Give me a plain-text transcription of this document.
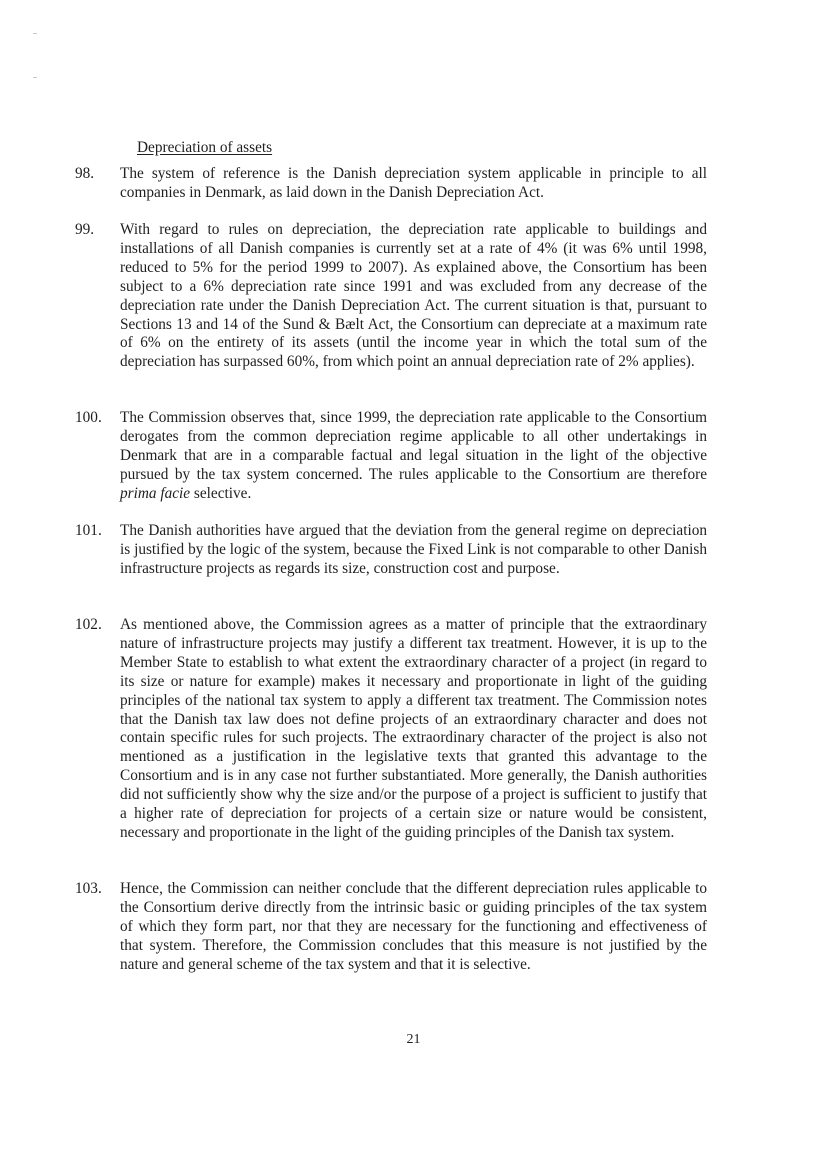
Depreciation of assets
98. The system of reference is the Danish depreciation system applicable in principle to all companies in Denmark, as laid down in the Danish Depreciation Act.

99. With regard to rules on depreciation, the depreciation rate applicable to buildings and installations of all Danish companies is currently set at a rate of 4% (it was 6% until 1998, reduced to 5% for the period 1999 to 2007). As explained above, the Consortium has been subject to a 6% depreciation rate since 1991 and was excluded from any decrease of the depreciation rate under the Danish Depreciation Act. The current situation is that, pursuant to Sections 13 and 14 of the Sund & Bælt Act, the Consortium can depreciate at a maximum rate of 6% on the entirety of its assets (until the income year in which the total sum of the depreciation has surpassed 60%, from which point an annual depreciation rate of 2% applies).

100. The Commission observes that, since 1999, the depreciation rate applicable to the Consortium derogates from the common depreciation regime applicable to all other undertakings in Denmark that are in a comparable factual and legal situation in the light of the objective pursued by the tax system concerned. The rules applicable to the Consortium are therefore prima facie selective.

101. The Danish authorities have argued that the deviation from the general regime on depreciation is justified by the logic of the system, because the Fixed Link is not comparable to other Danish infrastructure projects as regards its size, construction cost and purpose.

102. As mentioned above, the Commission agrees as a matter of principle that the extraordinary nature of infrastructure projects may justify a different tax treatment. However, it is up to the Member State to establish to what extent the extraordinary character of a project (in regard to its size or nature for example) makes it necessary and proportionate in light of the guiding principles of the national tax system to apply a different tax treatment. The Commission notes that the Danish tax law does not define projects of an extraordinary character and does not contain specific rules for such projects. The extraordinary character of the project is also not mentioned as a justification in the legislative texts that granted this advantage to the Consortium and is in any case not further substantiated. More generally, the Danish authorities did not sufficiently show why the size and/or the purpose of a project is sufficient to justify that a higher rate of depreciation for projects of a certain size or nature would be consistent, necessary and proportionate in the light of the guiding principles of the Danish tax system.

103. Hence, the Commission can neither conclude that the different depreciation rules applicable to the Consortium derive directly from the intrinsic basic or guiding principles of the tax system of which they form part, nor that they are necessary for the functioning and effectiveness of that system. Therefore, the Commission concludes that this measure is not justified by the nature and general scheme of the tax system and that it is selective.

21
